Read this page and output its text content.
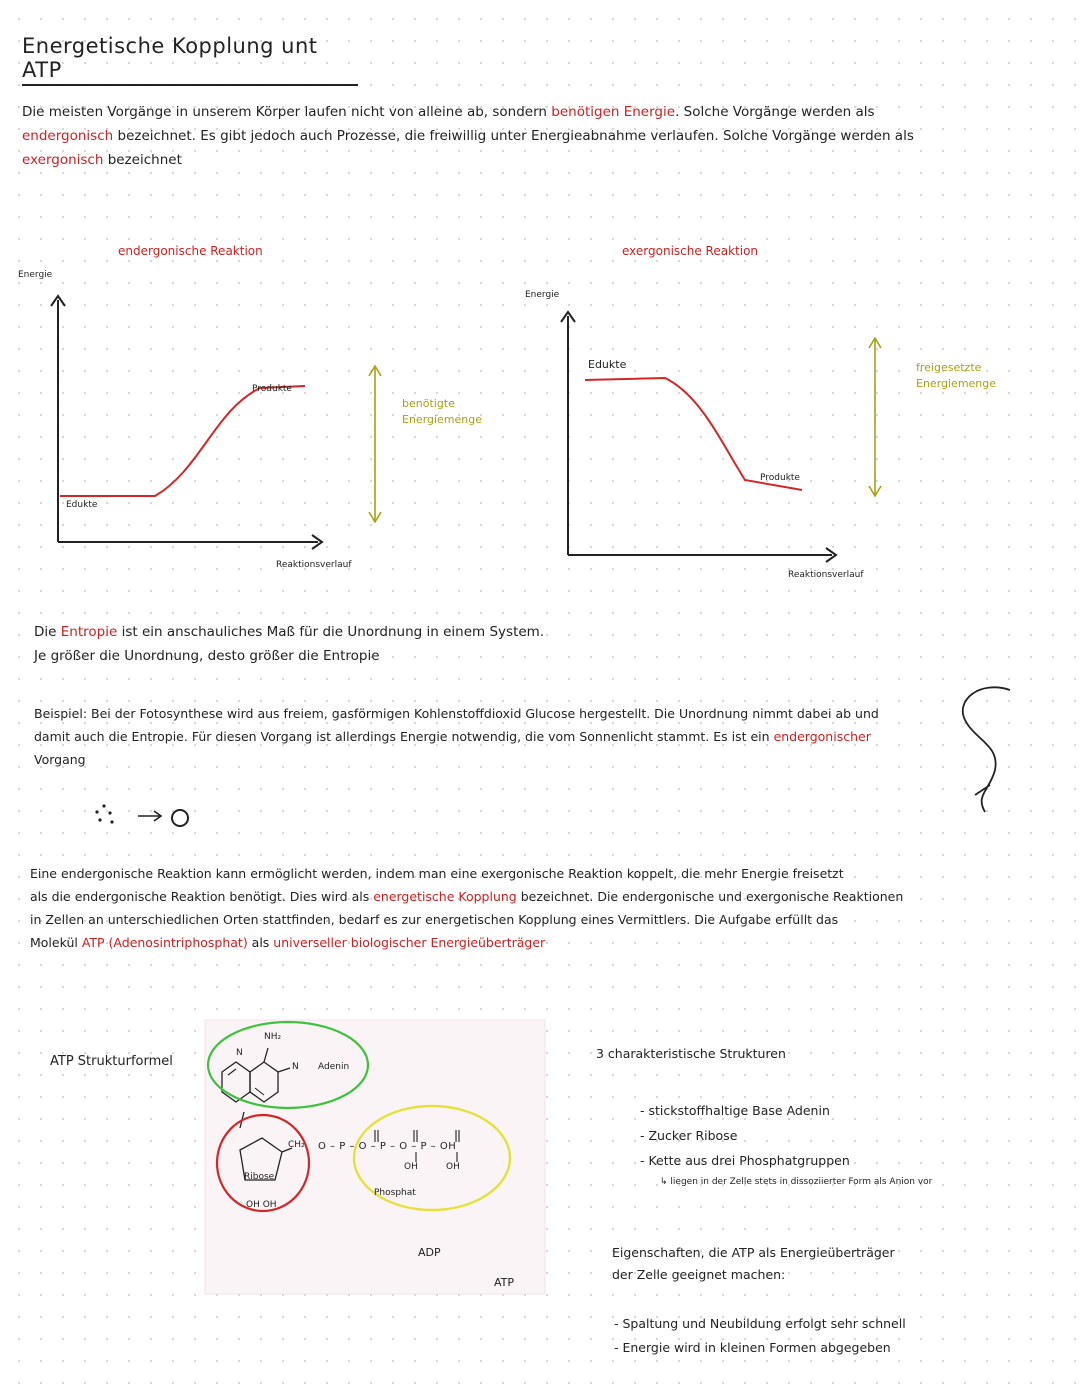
Energetische Kopplung unt ATP
Die meisten Vorgänge in unserem Körper laufen nicht von alleine ab, sondern benötigen Energie. Solche Vorgänge werden als
endergonisch bezeichnet. Es gibt jedoch auch Prozesse, die freiwillig unter Energieabnahme verlaufen. Solche Vorgänge werden als
exergonisch bezeichnet
endergonische Reaktion
Energie
Produkte
Edukte
Reaktionsverlauf
benötigte
Energiemenge
exergonische Reaktion
Energie
Edukte
Produkte
Reaktionsverlauf
freigesetzte
Energiemenge
Die Entropie ist ein anschauliches Maß für die Unordnung in einem System.
Je größer die Unordnung, desto größer die Entropie
Beispiel: Bei der Fotosynthese wird aus freiem, gasförmigen Kohlenstoffdioxid Glucose hergestellt. Die Unordnung nimmt dabei ab und
damit auch die Entropie. Für diesen Vorgang ist allerdings Energie notwendig, die vom Sonnenlicht stammt. Es ist ein endergonischer
Vorgang
Eine endergonische Reaktion kann ermöglicht werden, indem man eine exergonische Reaktion koppelt, die mehr Energie freisetzt
als die endergonische Reaktion benötigt. Dies wird als energetische Kopplung bezeichnet. Die endergonische und exergonische Reaktionen
in Zellen an unterschiedlichen Orten stattfinden, bedarf es zur energetischen Kopplung eines Vermittlers. Die Aufgabe erfüllt das
Molekül ATP (Adenosintriphosphat) als universeller biologischer Energieüberträger
ATP Strukturformel
NH₂
N
N Adenin
CH₂
Ribose
OH OH
O – P – O – P – O – P – OH
OH	OH
Phosphat
ADP
ATP
3 charakteristische Strukturen
- stickstoffhaltige Base Adenin
- Zucker Ribose
- Kette aus drei Phosphatgruppen
↳ liegen in der Zelle stets in dissoziierter Form als Anion vor
Eigenschaften, die ATP als Energieüberträger
der Zelle geeignet machen:
- Spaltung und Neubildung erfolgt sehr schnell
- Energie wird in kleinen Formen abgegeben
